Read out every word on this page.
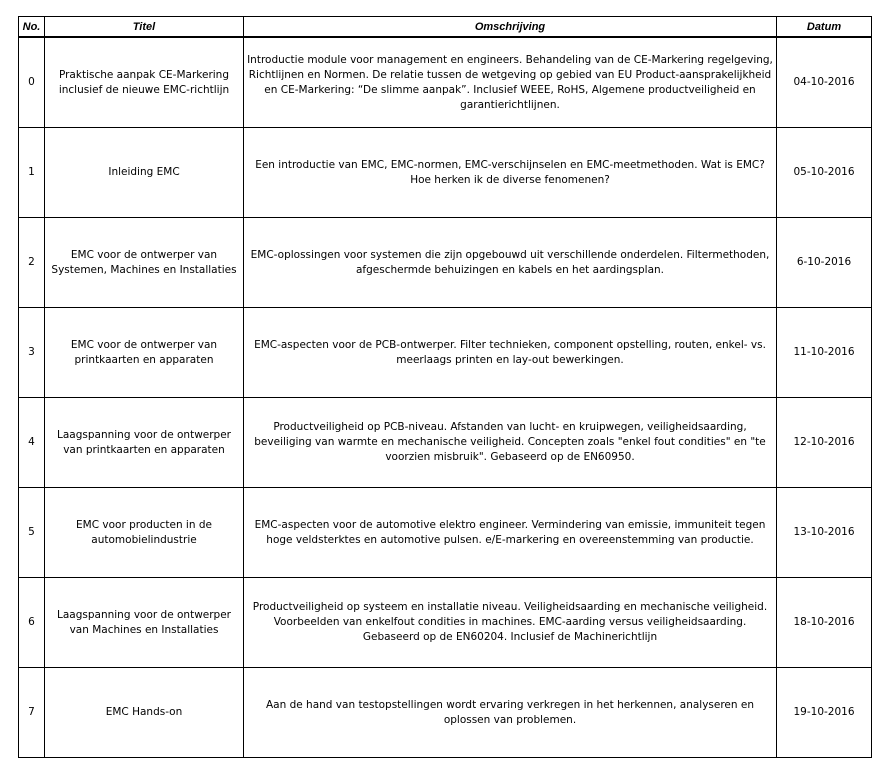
No.	Titel	Omschrijving	Datum
0	Praktische aanpak CE-Markering inclusief de nieuwe EMC-richtlijn	Introductie module voor management en engineers. Behandeling van de CE-Markering regelgeving, Richtlijnen en Normen. De relatie tussen de wetgeving op gebied van EU Product-aansprakelijkheid en CE-Markering: “De slimme aanpak”. Inclusief WEEE, RoHS, Algemene productveiligheid en garantierichtlijnen.	04-10-2016
1	Inleiding EMC	Een introductie van EMC, EMC-normen, EMC-verschijnselen en EMC-meetmethoden. Wat is EMC? Hoe herken ik de diverse fenomenen?	05-10-2016
2	EMC voor de ontwerper van Systemen, Machines en Installaties	EMC-oplossingen voor systemen die zijn opgebouwd uit verschillende onderdelen. Filtermethoden, afgeschermde behuizingen en kabels en het aardingsplan.	6-10-2016
3	EMC voor de ontwerper van printkaarten en apparaten	EMC-aspecten voor de PCB-ontwerper. Filter technieken, component opstelling, routen, enkel- vs. meerlaags printen en lay-out bewerkingen.	11-10-2016
4	Laagspanning voor de ontwerper van printkaarten en apparaten	Productveiligheid op PCB-niveau. Afstanden van lucht- en kruipwegen, veiligheidsaarding, beveiliging van warmte en mechanische veiligheid. Concepten zoals "enkel fout condities" en "te voorzien misbruik". Gebaseerd op de EN60950.	12-10-2016
5	EMC voor producten in de automobielindustrie	EMC-aspecten voor de automotive elektro engineer. Vermindering van emissie, immuniteit tegen hoge veldsterktes en automotive pulsen. e/E-markering en overeenstemming van productie.	13-10-2016
6	Laagspanning voor de ontwerper van Machines en Installaties	Productveiligheid op systeem en installatie niveau. Veiligheidsaarding en mechanische veiligheid. Voorbeelden van enkelfout condities in machines. EMC-aarding versus veiligheidsaarding. Gebaseerd op de EN60204. Inclusief de Machinerichtlijn	18-10-2016
7	EMC Hands-on	Aan de hand van testopstellingen wordt ervaring verkregen in het herkennen, analyseren en oplossen van problemen.	19-10-2016
